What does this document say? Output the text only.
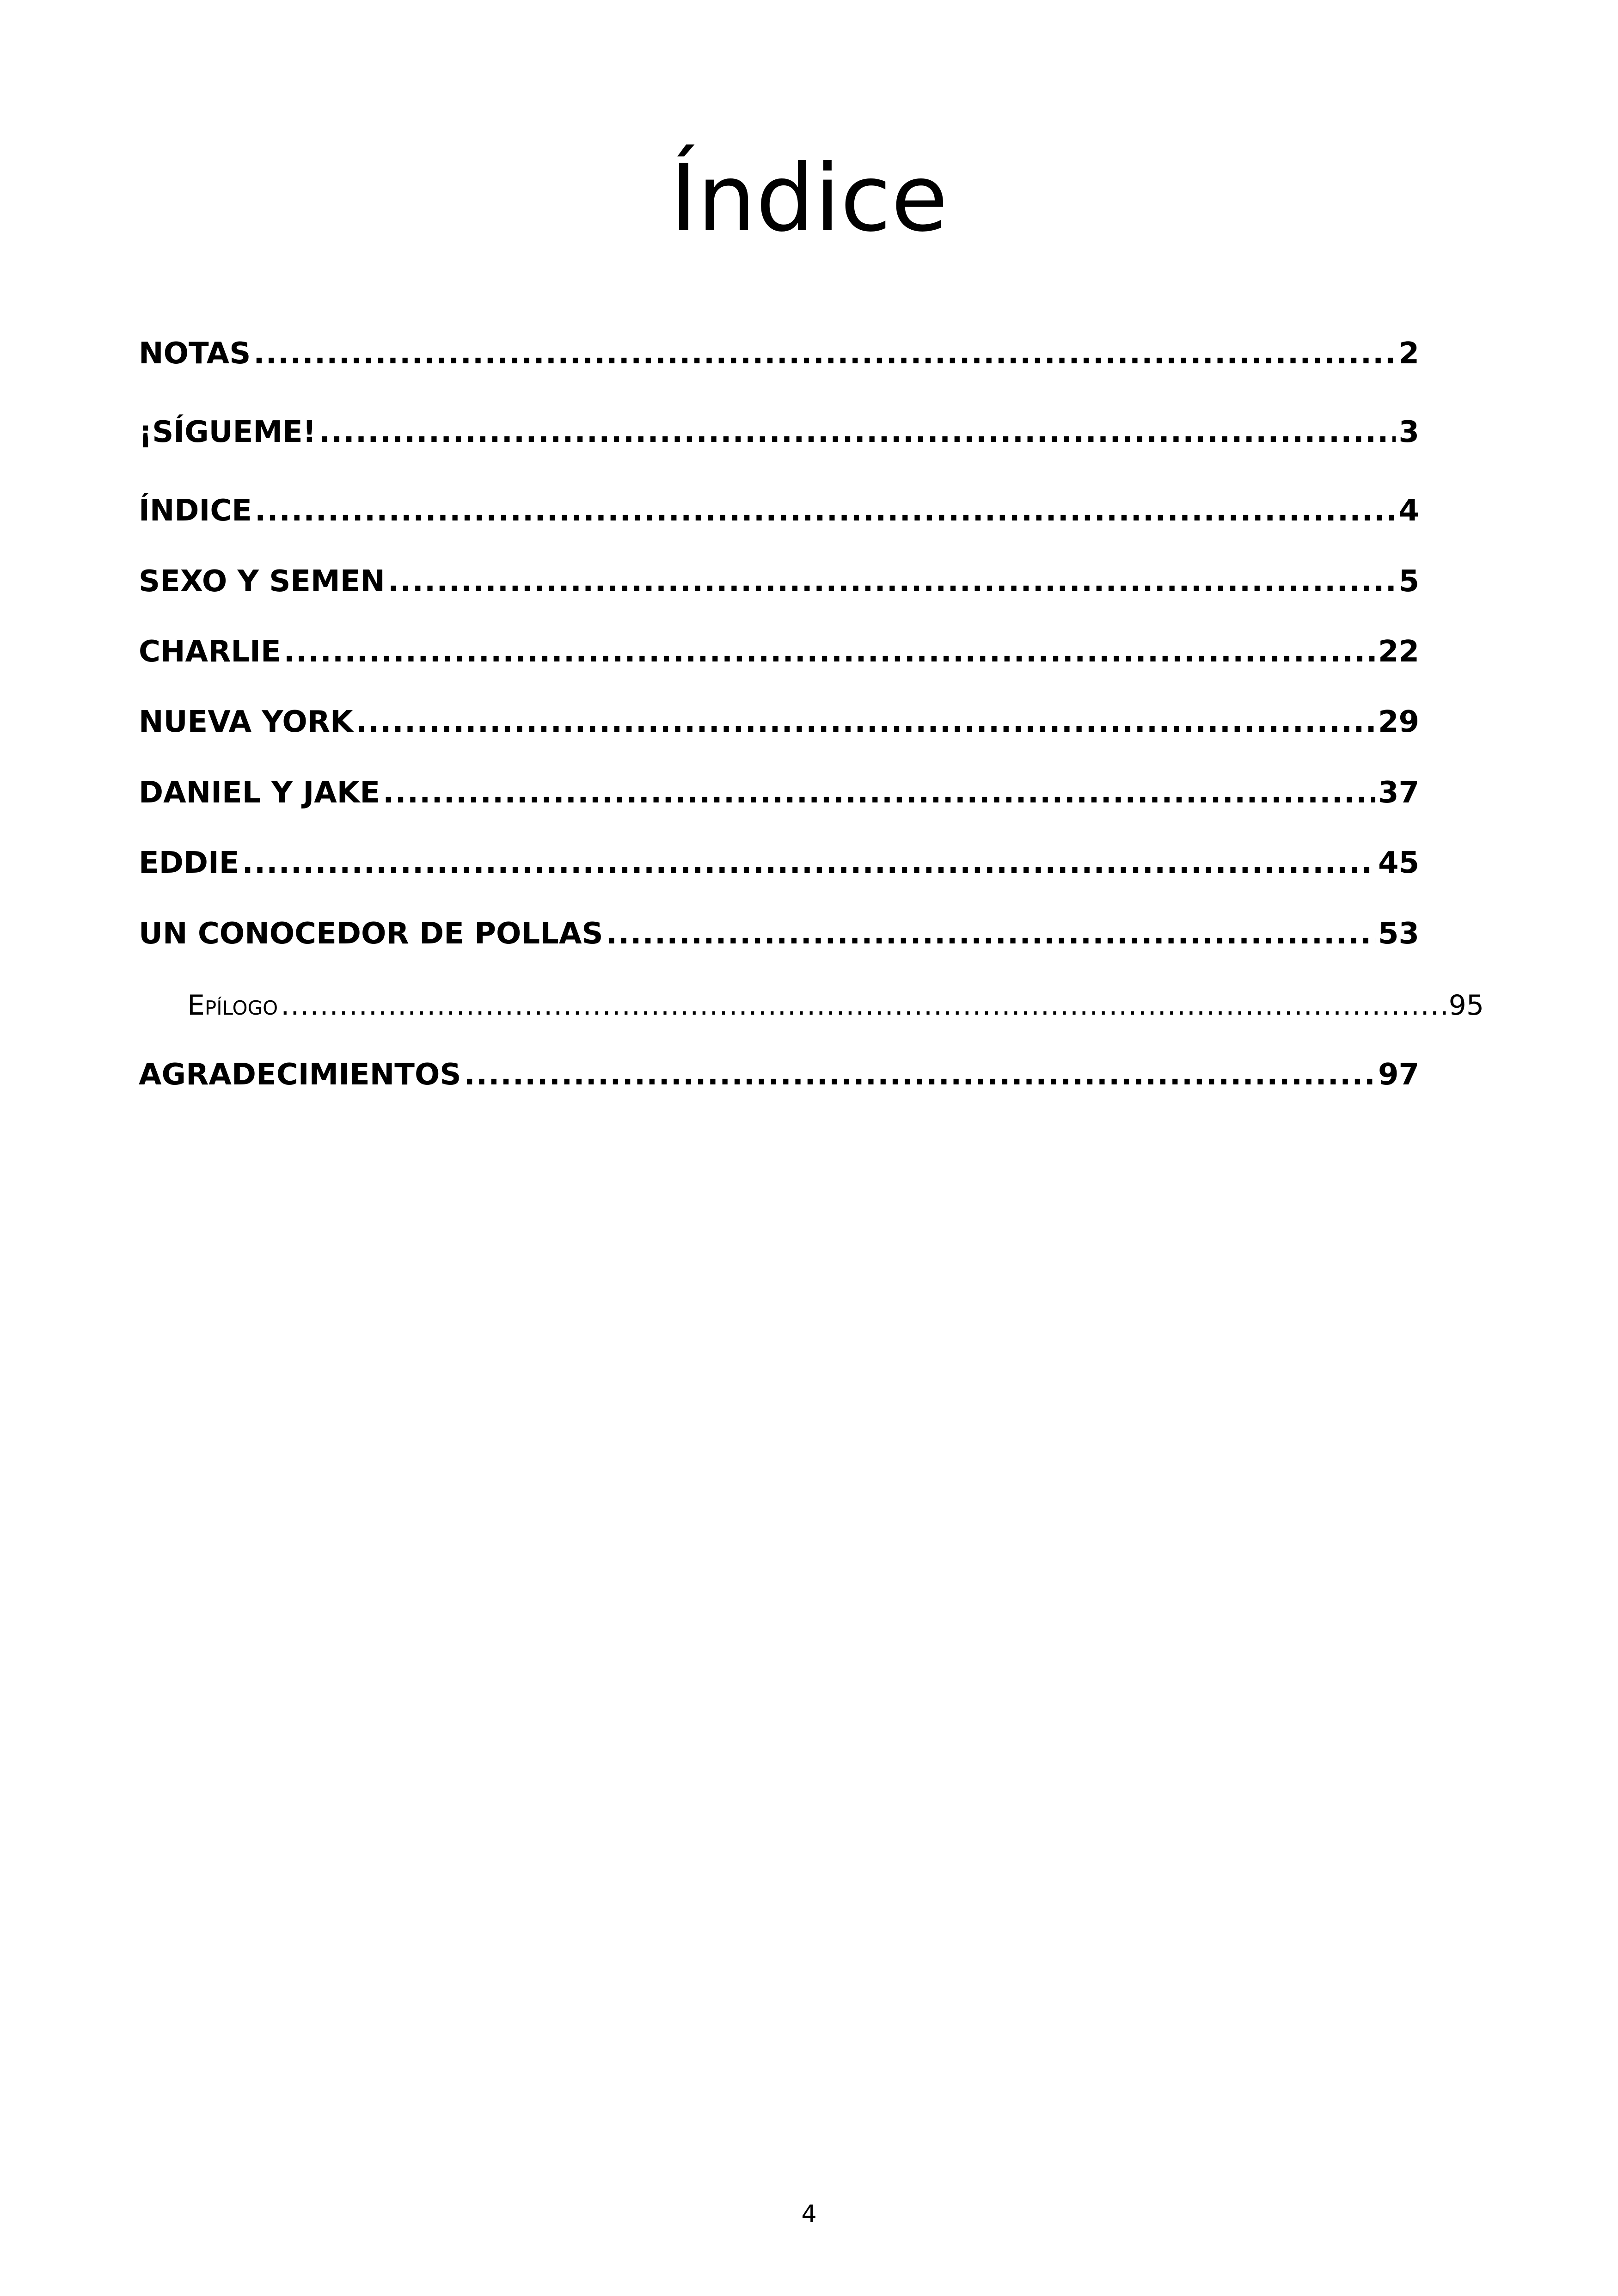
Índice
NOTAS .....	2
¡SÍGUEME! .....	3
ÍNDICE .....	4
SEXO Y SEMEN .....	5
CHARLIE .....	22
NUEVA YORK .....	29
DANIEL Y JAKE .....	37
EDDIE .....	45
UN CONOCEDOR DE POLLAS .....	53
Epílogo .....	95
AGRADECIMIENTOS .....	97
4
